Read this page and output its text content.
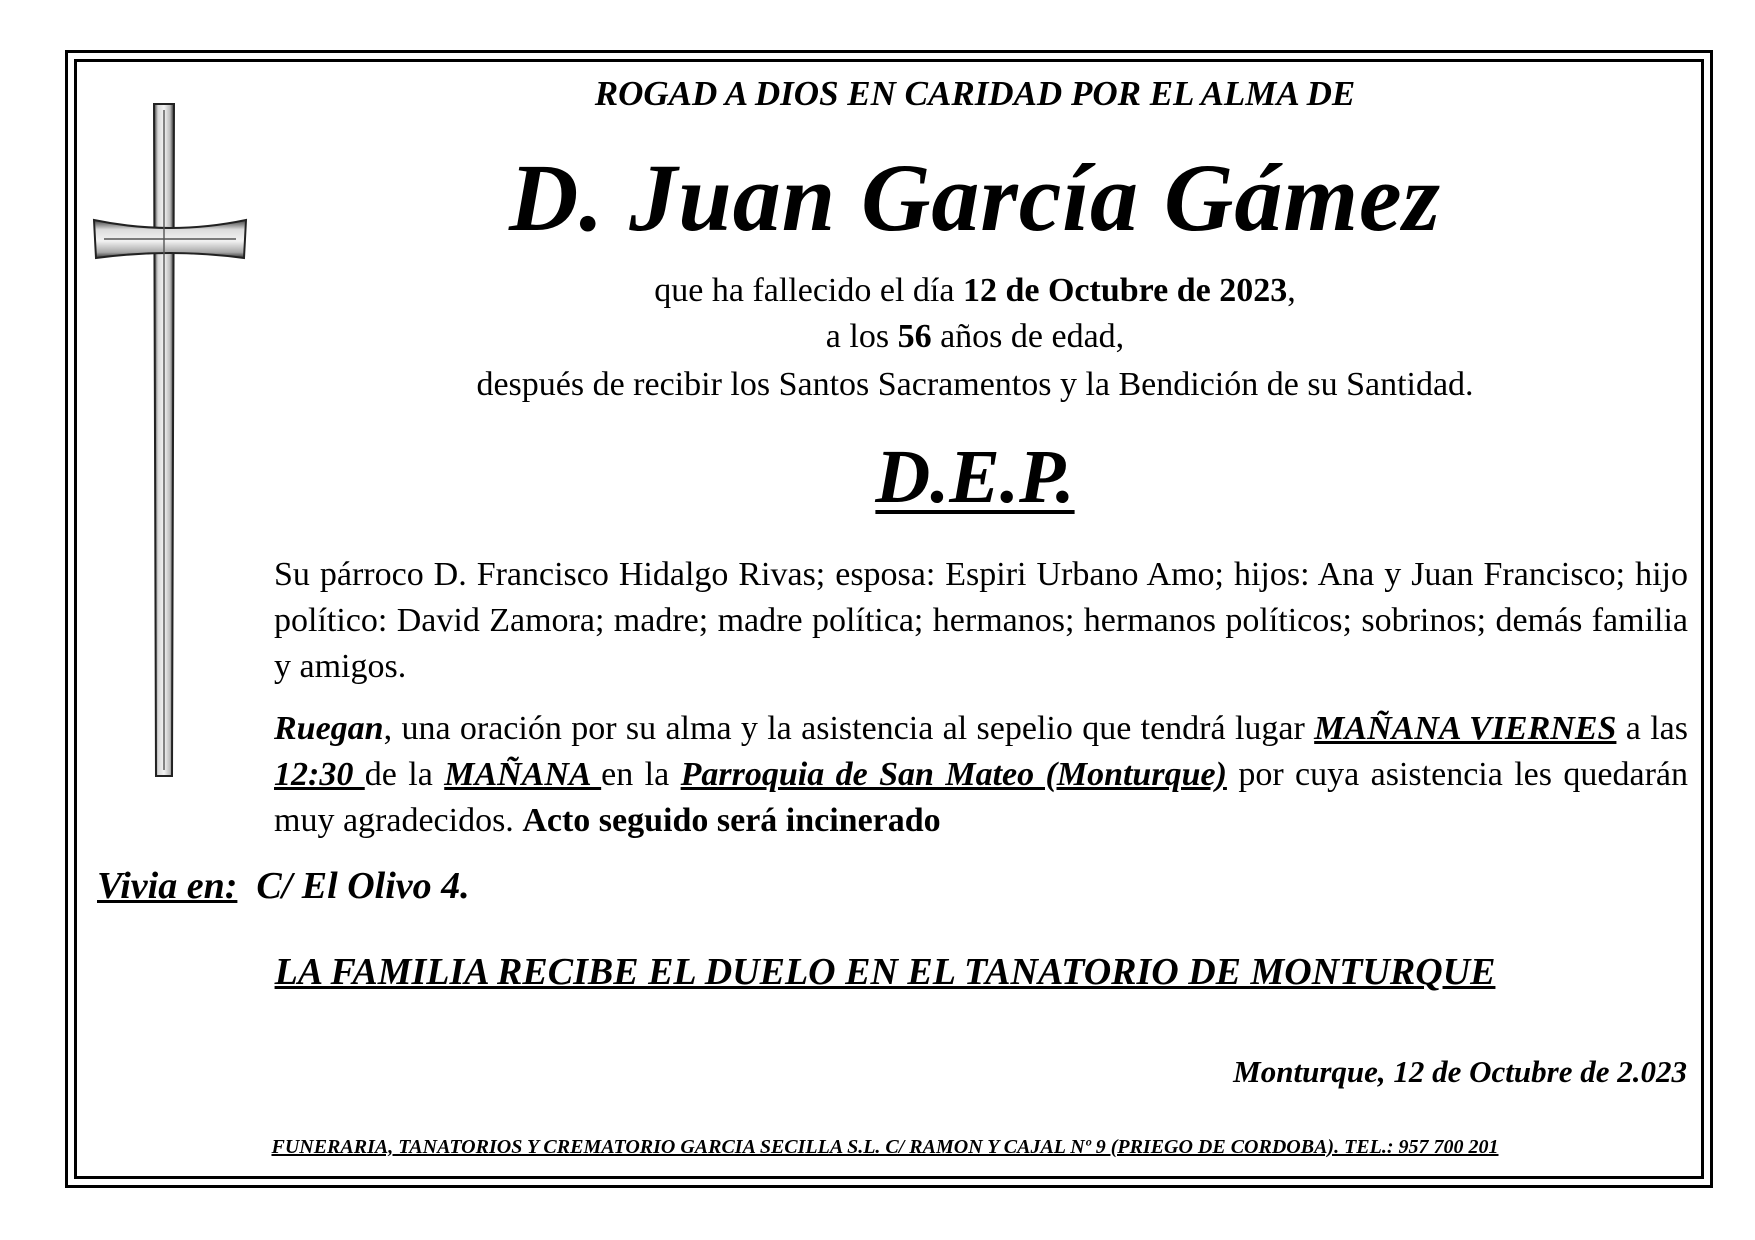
ROGAD A DIOS EN CARIDAD POR EL ALMA DE
D. Juan García Gámez
que ha fallecido el día 12 de Octubre de 2023,
a los 56 años de edad,
después de recibir los Santos Sacramentos y la Bendición de su Santidad.
D.E.P.
Su párroco D. Francisco Hidalgo Rivas; esposa: Espiri Urbano Amo; hijos: Ana y Juan Francisco; hijo político: David Zamora; madre; madre política; hermanos; hermanos políticos; sobrinos; demás familia y amigos.
Ruegan, una oración por su alma y la asistencia al sepelio que tendrá lugar MAÑANA VIERNES a las 12:30 de la MAÑANA en la Parroquia de San Mateo (Monturque) por cuya asistencia les quedarán muy agradecidos. Acto seguido será incinerado
Vivia en: C/ El Olivo 4.
LA FAMILIA RECIBE EL DUELO EN EL TANATORIO DE MONTURQUE
Monturque, 12 de Octubre de 2.023
FUNERARIA, TANATORIOS Y CREMATORIO GARCIA SECILLA S.L. C/ RAMON Y CAJAL Nº 9 (PRIEGO DE CORDOBA). TEL.: 957 700 201
